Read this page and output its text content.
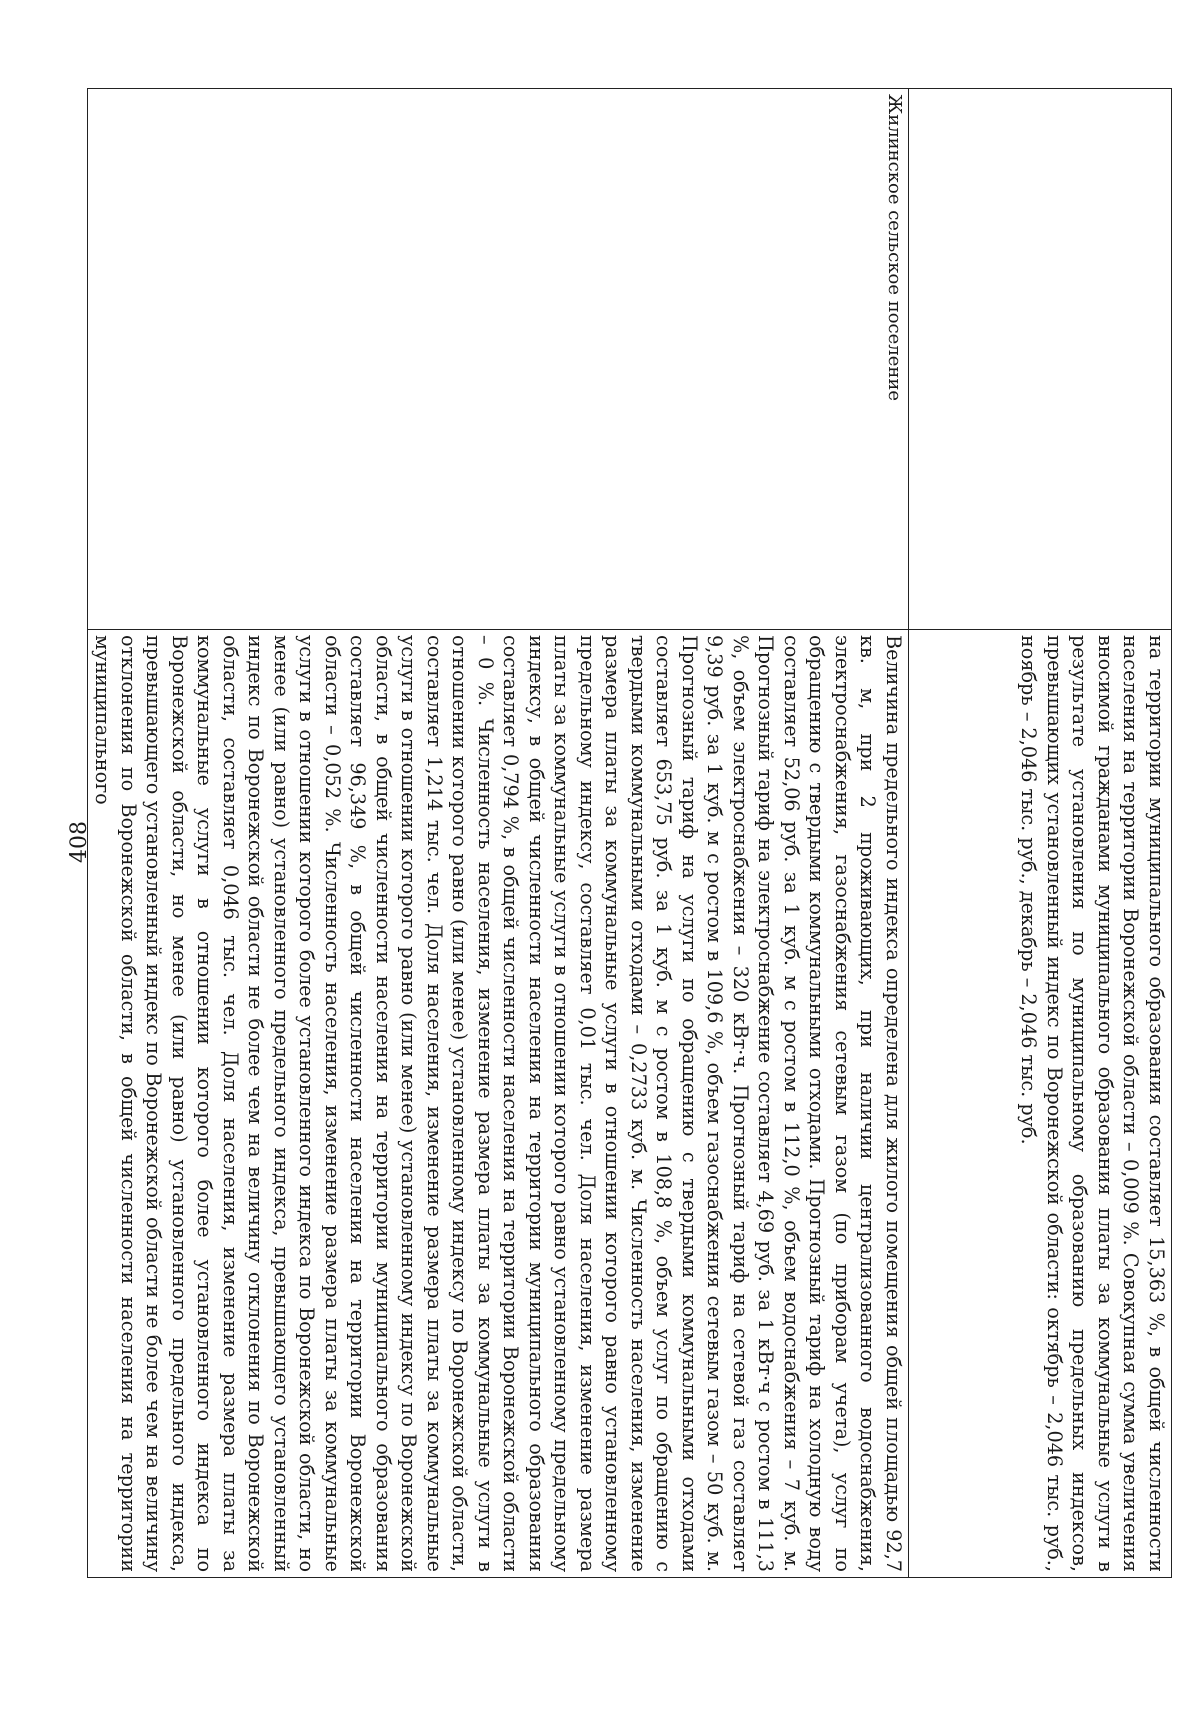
408
		на территории муниципального образования составляет 15,363 %, в общей численности населения на территории Воронежской области – 0,009 %. Совокупная сумма увеличения вносимой гражданами муниципального образования платы за коммунальные услуги в результате установления по муниципальному образованию предельных индексов, превышающих установленный индекс по Воронежской области: октябрь – 2,046 тыс. руб., ноябрь – 2,046 тыс. руб., декабрь – 2,046 тыс. руб.
Жилинское сельское поселение	Величина предельного индекса определена для жилого помещения общей площадью 92,7 кв. м, при 2 проживающих, при наличии централизованного водоснабжения, электроснабжения, газоснабжения сетевым газом (по приборам учета), услуг по обращению с твердыми коммунальными отходами. Прогнозный тариф на холодную воду составляет 52,06 руб. за 1 куб. м с ростом в 112,0 %, объем водоснабжения – 7 куб. м. Прогнозный тариф на электроснабжение составляет 4,69 руб. за 1 кВт·ч с ростом в 111,3 %, объем электроснабжения – 320 кВт·ч. Прогнозный тариф на сетевой газ составляет 9,39 руб. за 1 куб. м с ростом в 109,6 %, объем газоснабжения сетевым газом – 50 куб. м. Прогнозный тариф на услуги по обращению с твердыми коммунальными отходами составляет 653,75 руб. за 1 куб. м с ростом в 108,8 %, объем услуг по обращению с твердыми коммунальными отходами – 0,2733 куб. м. Численность населения, изменение размера платы за коммунальные услуги в отношении которого равно установленному предельному индексу, составляет 0,01 тыс. чел. Доля населения, изменение размера платы за коммунальные услуги в отношении которого равно установленному предельному индексу, в общей численности населения на территории муниципального образования составляет 0,794 %, в общей численности населения на территории Воронежской области – 0 %. Численность населения, изменение размера платы за коммунальные услуги в отношении которого равно (или менее) установленному индексу по Воронежской области, составляет 1,214 тыс. чел. Доля населения, изменение размера платы за коммунальные услуги в отношении которого равно (или менее) установленному индексу по Воронежской области, в общей численности населения на территории муниципального образования составляет 96,349 %, в общей численности населения на территории Воронежской области – 0,052 %. Численность населения, изменение размера платы за коммунальные услуги в отношении которого более установленного индекса по Воронежской области, но менее (или равно) установленного предельного индекса, превышающего установленный индекс по Воронежской области не более чем на величину отклонения по Воронежской области, составляет 0,046 тыс. чел. Доля населения, изменение размера платы за коммунальные услуги в отношении которого более установленного индекса по Воронежской области, но менее (или равно) установленного предельного индекса, превышающего установленный индекс по Воронежской области не более чем на величину отклонения по Воронежской области, в общей численности населения на территории муниципального
